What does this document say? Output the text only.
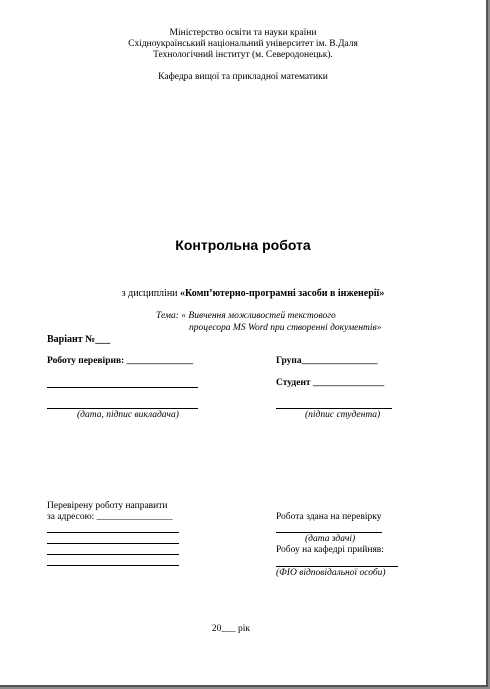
Міністерство освіти та науки країни
Східноукраїнський національний університет ім. В.Даля
Технологічний інститут (м. Северодонецьк).
Кафедра вищої та прикладної математики
Контрольна робота
з дисципліни «Комп’ютерно-програмні засоби в інженерії»
Тема: « Вивчення можливостей текстового
процесора MS Word при створенні документів»
Варіант №___
Роботу перевірив: ______________	Група________________
Студент _______________
(дата, підпис викладача)	(підпис студента)
Перевірену роботу направити
за адресою: ________________	Робота здана на перевірку
(дата здачі)
Робоу на кафедрі прийняв:
(ФІО відповідальної особи)
20___ рік
